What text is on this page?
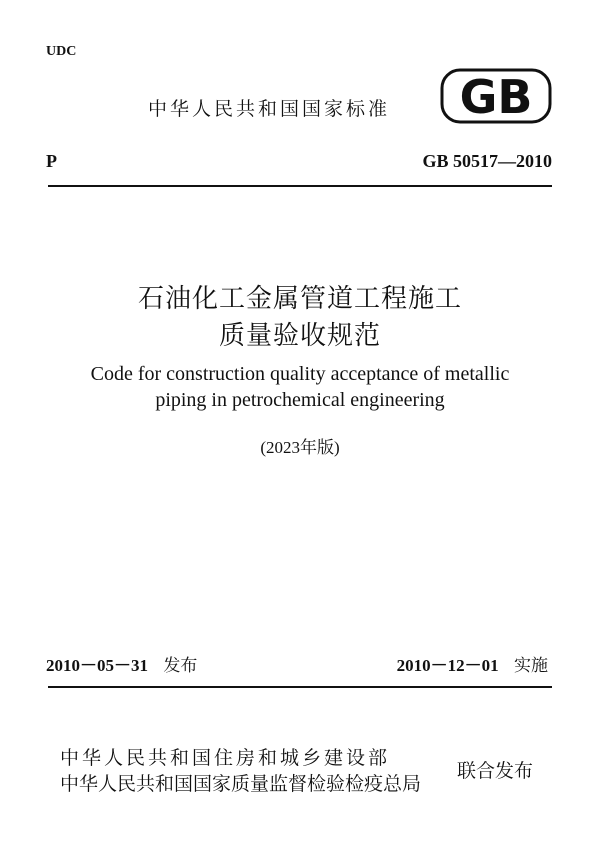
UDC
中华人民共和国国家标准 GB
P	GB 50517—2010
石油化工金属管道工程施工
质量验收规范
Code for construction quality acceptance of metallic
piping in petrochemical engineering
(2023年版)
2010－05－31 发布	2010－12－01 实施
中华人民共和国住房和城乡建设部
中华人民共和国国家质量监督检验检疫总局
联合发布
